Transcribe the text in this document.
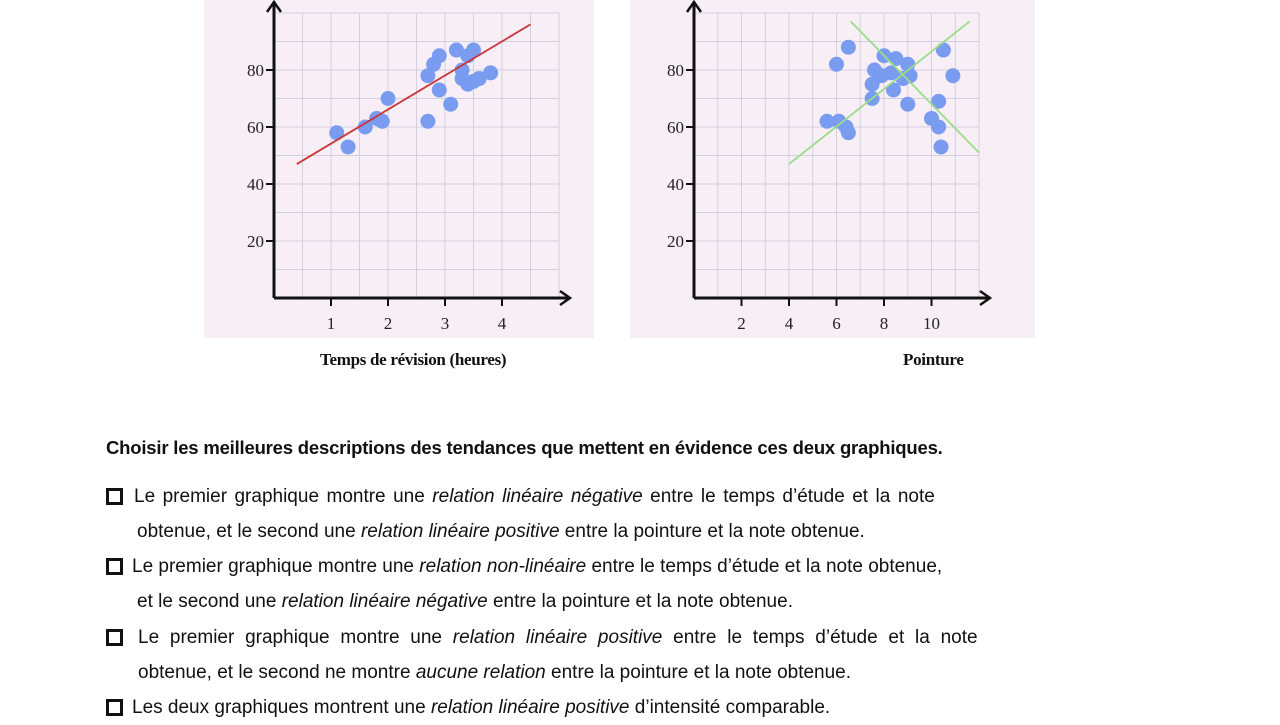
20
40
60
80
1	2	3	4
20
40
60
80
2 4 6 8 10
Temps de révision (heures)	Pointure
Choisir les meilleures descriptions des tendances que mettent en évidence ces deux graphiques.
Le premier graphique montre une relation linéaire négative entre le temps d’étude et la note
obtenue, et le second une relation linéaire positive entre la pointure et la note obtenue.
Le premier graphique montre une relation non-linéaire entre le temps d’étude et la note obtenue,
et le second une relation linéaire négative entre la pointure et la note obtenue.
Le premier graphique montre une relation linéaire positive entre le temps d’étude et la note
obtenue, et le second ne montre aucune relation entre la pointure et la note obtenue.
Les deux graphiques montrent une relation linéaire positive d’intensité comparable.
